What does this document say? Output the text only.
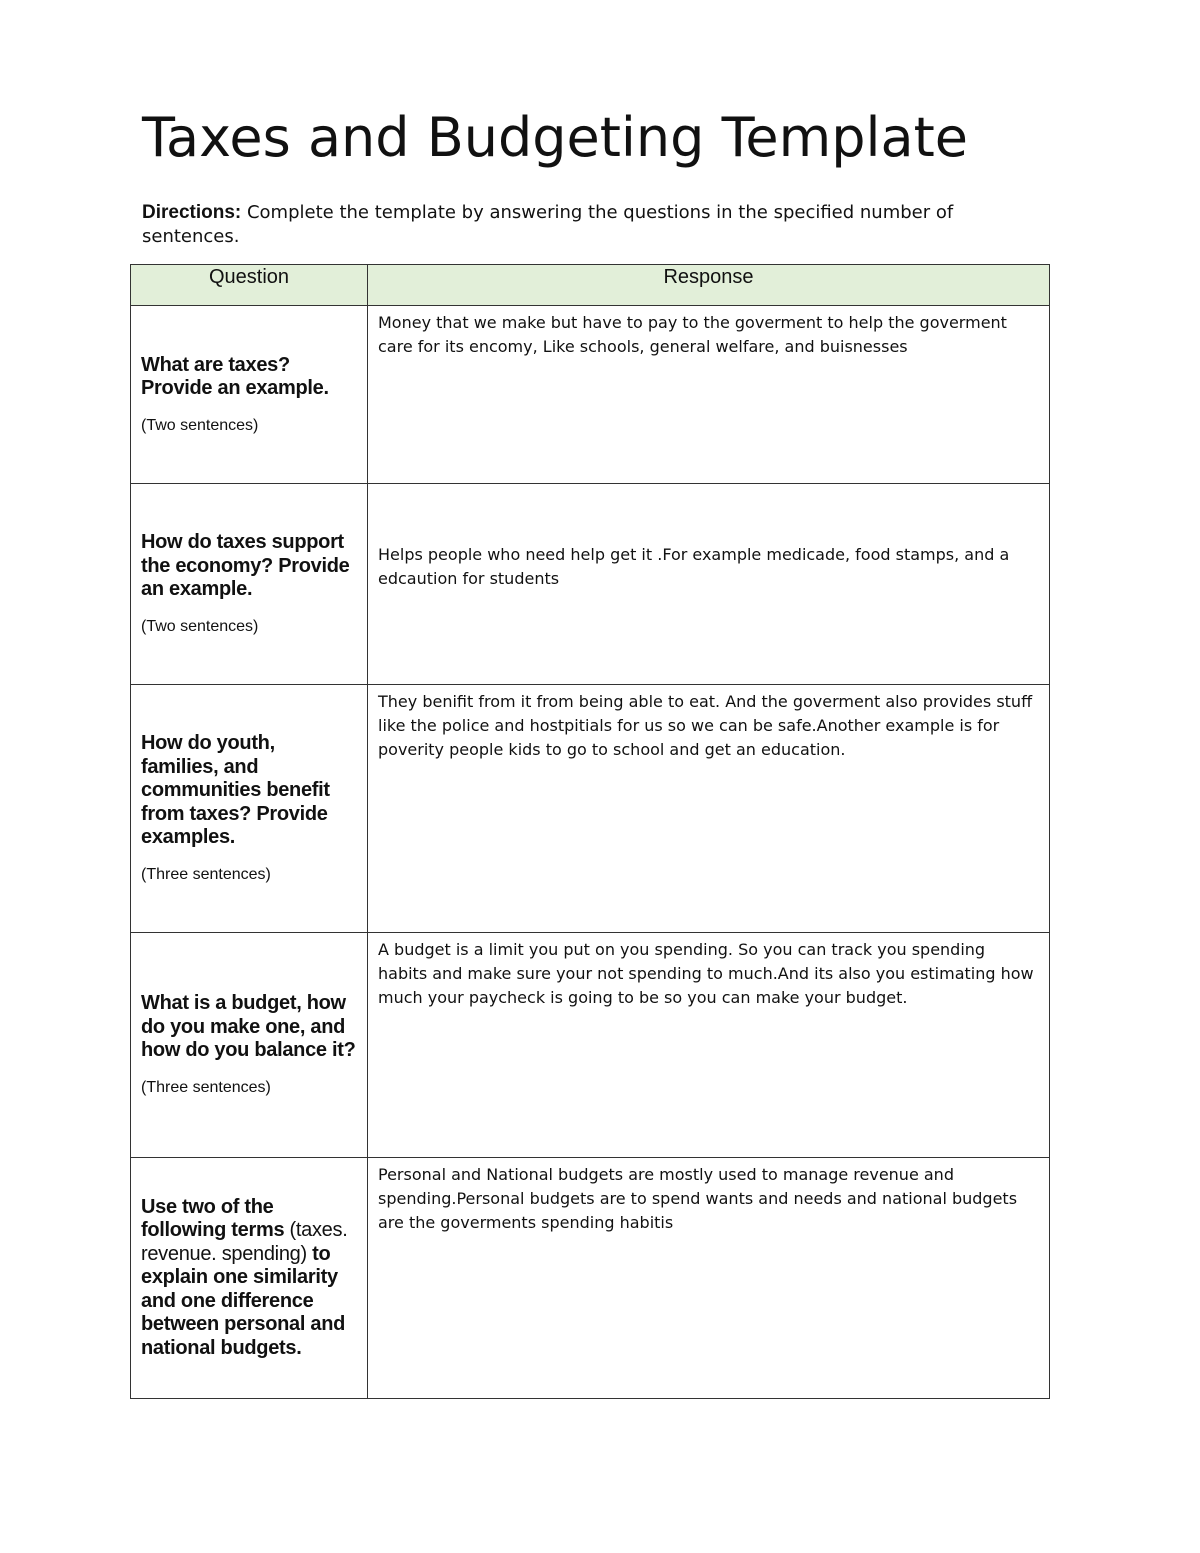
Taxes and Budgeting Template
Directions: Complete the template by answering the questions in the specified number of sentences.
Question	Response

What are taxes? Provide an example.
(Two sentences)	Money that we make but have to pay to the goverment to help the goverment care for its encomy, Like schools, general welfare, and buisnesses

How do taxes support the economy? Provide an example.
(Two sentences)	Helps people who need help get it .For example medicade, food stamps, and a edcaution for students

How do youth, families, and communities benefit from taxes? Provide examples.
(Three sentences)	They benifit from it from being able to eat. And the goverment also provides stuff like the police and hostpitials for us so we can be safe.Another example is for poverity people kids to go to school and get an education.

What is a budget, how do you make one, and how do you balance it?
(Three sentences)	A budget is a limit you put on you spending. So you can track you spending habits and make sure your not spending to much.And its also you estimating how much your paycheck is going to be so you can make your budget.

Use two of the following terms (taxes. revenue. spending) to explain one similarity and one difference between personal and national budgets.	Personal and National budgets are mostly used to manage revenue and spending.Personal budgets are to spend wants and needs and national budgets are the goverments spending habitis
